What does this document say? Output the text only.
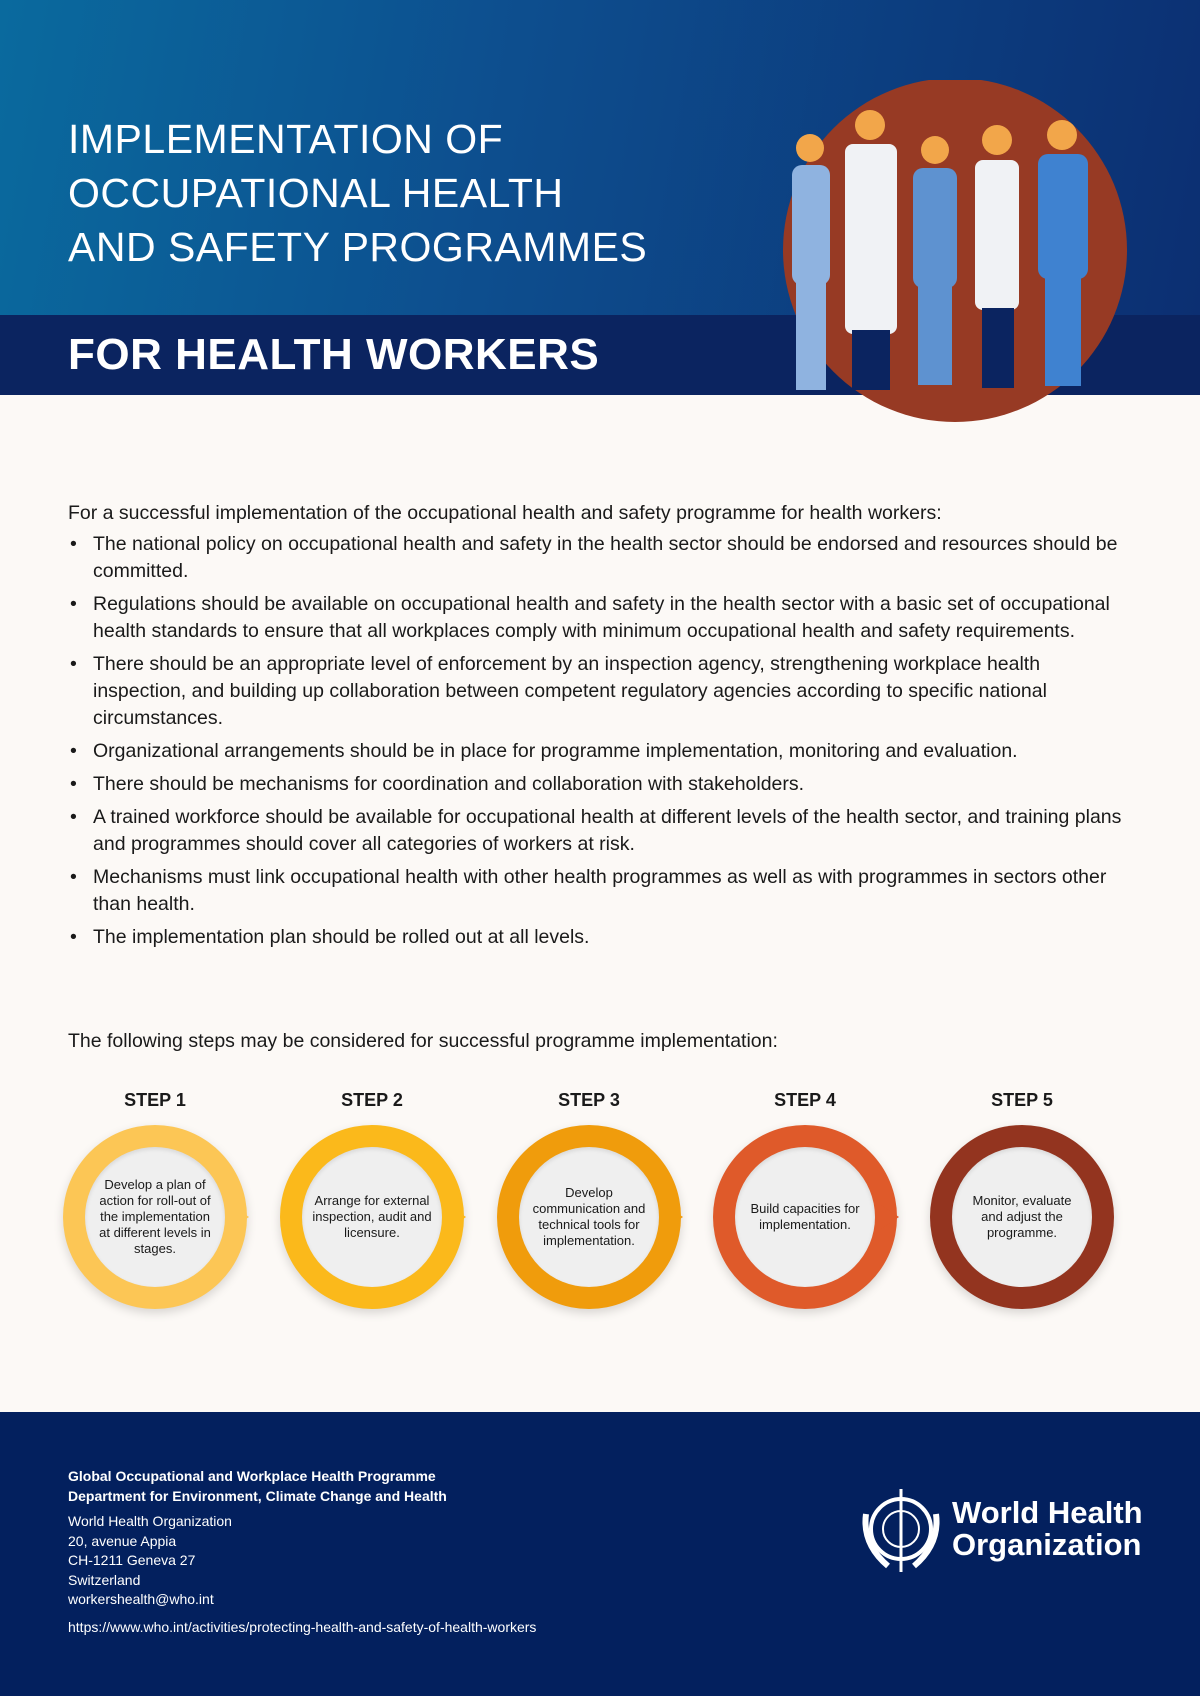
IMPLEMENTATION OF
OCCUPATIONAL HEALTH
AND SAFETY PROGRAMMES
FOR HEALTH WORKERS

For a successful implementation of the occupational health and safety programme for health workers:

• The national policy on occupational health and safety in the health sector should be endorsed and resources should be committed.
• Regulations should be available on occupational health and safety in the health sector with a basic set of occupational health standards to ensure that all workplaces comply with minimum occupational health and safety requirements.
• There should be an appropriate level of enforcement by an inspection agency, strengthening workplace health inspection, and building up collaboration between competent regulatory agencies according to specific national circumstances.
• Organizational arrangements should be in place for programme implementation, monitoring and evaluation.
• There should be mechanisms for coordination and collaboration with stakeholders.
• A trained workforce should be available for occupational health at different levels of the health sector, and training plans and programmes should cover all categories of workers at risk.
• Mechanisms must link occupational health with other health programmes as well as with programmes in sectors other than health.
• The implementation plan should be rolled out at all levels.
The following steps may be considered for successful programme implementation:
STEP 1
Develop a plan of action for roll-out of the implementation at different levels in stages.
STEP 2
Arrange for external inspection, audit and licensure.
STEP 3
Develop communication and technical tools for implementation.
STEP 4
Build capacities for implementation.
STEP 5
Monitor, evaluate and adjust the programme.
Global Occupational and Workplace Health Programme
Department for Environment, Climate Change and Health
World Health Organization
20, avenue Appia
CH-1211 Geneva 27
Switzerland
workershealth@who.int
https://www.who.int/activities/protecting-health-and-safety-of-health-workers
World Health
Organization
